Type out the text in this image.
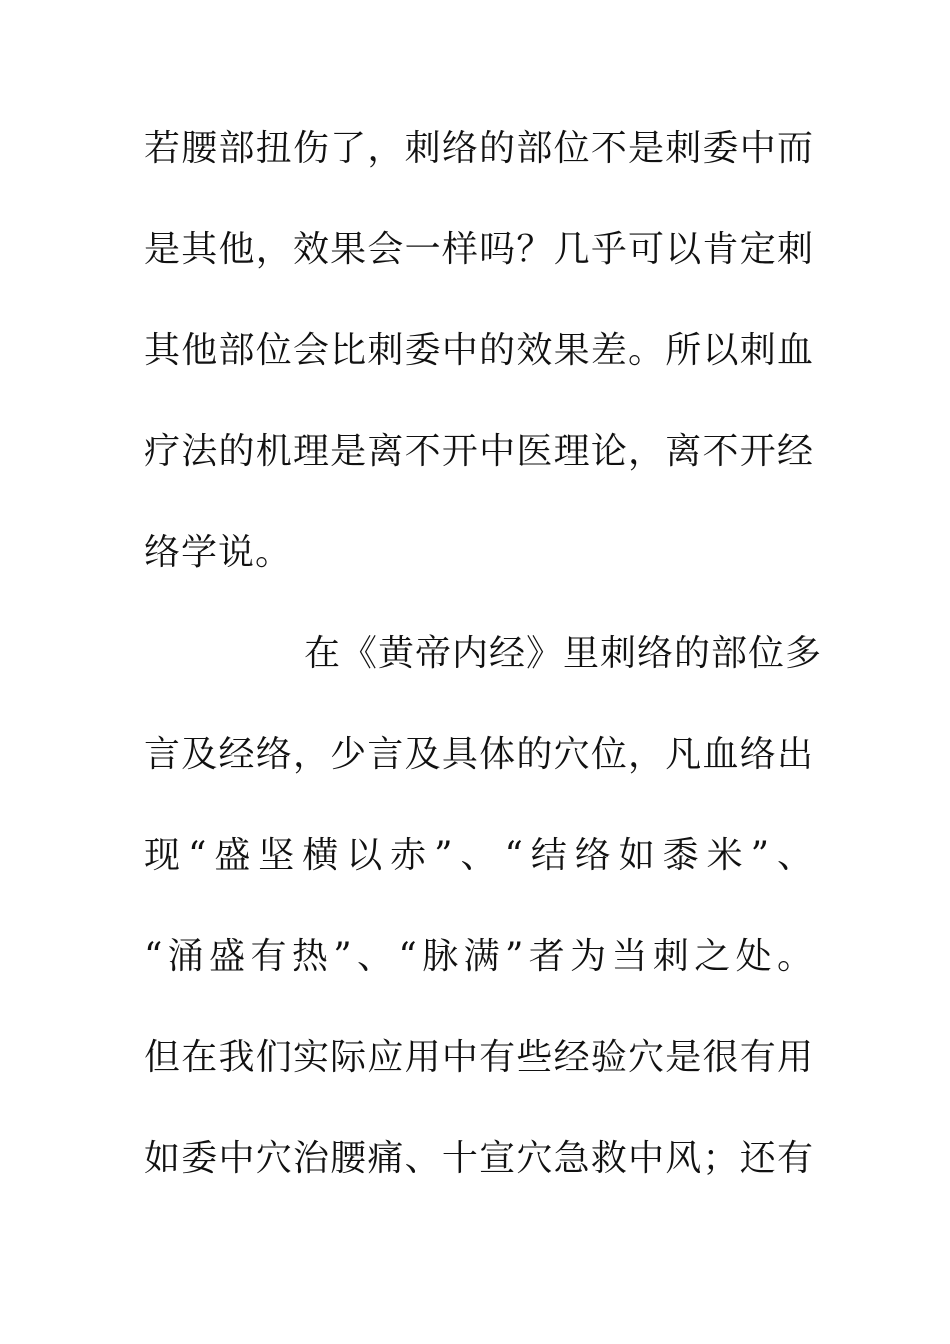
若腰部扭伤了，刺络的部位不是刺委中而
是其他，效果会一样吗？几乎可以肯定刺
其他部位会比刺委中的效果差。所以刺血
疗法的机理是离不开中医理论，离不开经
络学说。
在《黄帝内经》里刺络的部位多
言及经络，少言及具体的穴位，凡血络出
现“盛坚横以赤”、“结络如黍米”、
“涌盛有热”、“脉满”者为当刺之处。
但在我们实际应用中有些经验穴是很有用
如委中穴治腰痛、十宣穴急救中风；还有
